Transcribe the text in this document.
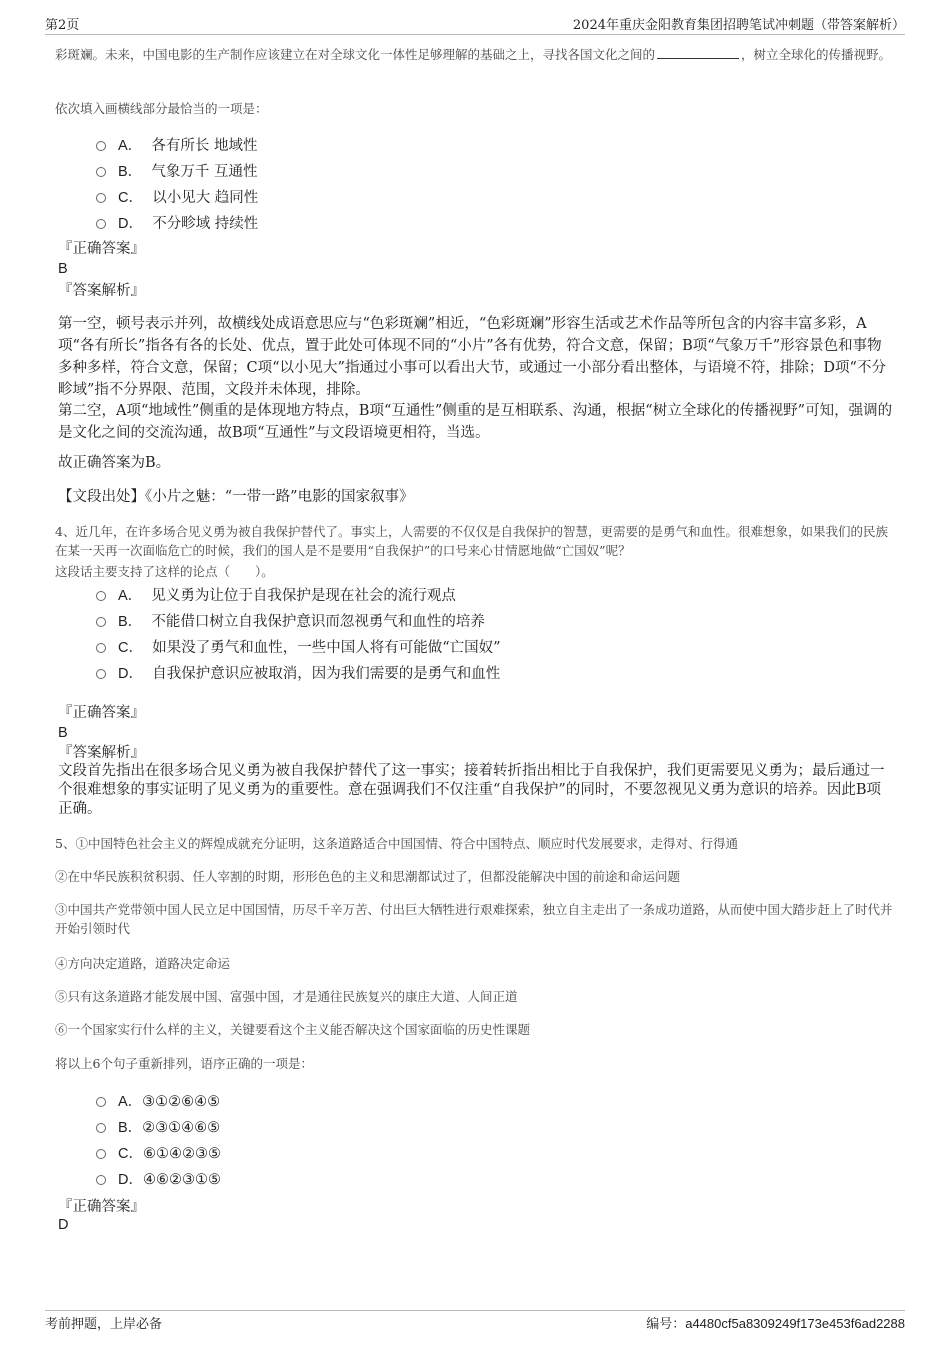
第2页	2024年重庆金阳教育集团招聘笔试冲刺题（带答案解析）
彩斑斓。未来，中国电影的生产制作应该建立在对全球文化一体性足够理解的基础之上，寻找各国文化之间的	，树立全球化的传播视野。
依次填入画横线部分最恰当的一项是：
A． 各有所长 地域性
B． 气象万千 互通性
C． 以小见大 趋同性
D． 不分畛域 持续性
『正确答案』
B
『答案解析』
第一空，顿号表示并列，故横线处成语意思应与“色彩斑斓”相近，“色彩斑斓”形容生活或艺术作品等所包含的内容丰富多彩，A项“各有所长”指各有各的长处、优点，置于此处可体现不同的“小片”各有优势，符合文意，保留；B项“气象万千”形容景色和事物多种多样，符合文意，保留；C项“以小见大”指通过小事可以看出大节，或通过一小部分看出整体，与语境不符，排除；D项“不分畛域”指不分界限、范围，文段并未体现，排除。
第二空，A项“地域性”侧重的是体现地方特点，B项“互通性”侧重的是互相联系、沟通，根据“树立全球化的传播视野”可知，强调的是文化之间的交流沟通，故B项“互通性”与文段语境更相符，当选。
故正确答案为B。
【文段出处】《小片之魅：“一带一路”电影的国家叙事》
4、近几年，在许多场合见义勇为被自我保护替代了。事实上，人需要的不仅仅是自我保护的智慧，更需要的是勇气和血性。很难想象，如果我们的民族在某一天再一次面临危亡的时候，我们的国人是不是要用“自我保护”的口号来心甘情愿地做“亡国奴”呢？
这段话主要支持了这样的论点（　　）。
A． 见义勇为让位于自我保护是现在社会的流行观点
B． 不能借口树立自我保护意识而忽视勇气和血性的培养
C． 如果没了勇气和血性，一些中国人将有可能做“亡国奴”
D． 自我保护意识应被取消，因为我们需要的是勇气和血性
『正确答案』
B
『答案解析』
文段首先指出在很多场合见义勇为被自我保护替代了这一事实；接着转折指出相比于自我保护，我们更需要见义勇为；最后通过一个很难想象的事实证明了见义勇为的重要性。意在强调我们不仅注重“自我保护”的同时，不要忽视见义勇为意识的培养。因此B项正确。
5、①中国特色社会主义的辉煌成就充分证明，这条道路适合中国国情、符合中国特点、顺应时代发展要求，走得对、行得通
②在中华民族积贫积弱、任人宰割的时期，形形色色的主义和思潮都试过了，但都没能解决中国的前途和命运问题
③中国共产党带领中国人民立足中国国情，历尽千辛万苦、付出巨大牺牲进行艰难探索，独立自主走出了一条成功道路，从而使中国大踏步赶上了时代并开始引领时代
④方向决定道路，道路决定命运
⑤只有这条道路才能发展中国、富强中国，才是通往民族复兴的康庄大道、人间正道
⑥一个国家实行什么样的主义，关键要看这个主义能否解决这个国家面临的历史性课题
将以上6个句子重新排列，语序正确的一项是：
A．③①②⑥④⑤
B．②③①④⑥⑤
C．⑥①④②③⑤
D．④⑥②③①⑤
『正确答案』
D
考前押题，上岸必备	编号：a4480cf5a8309249f173e453f6ad2288
